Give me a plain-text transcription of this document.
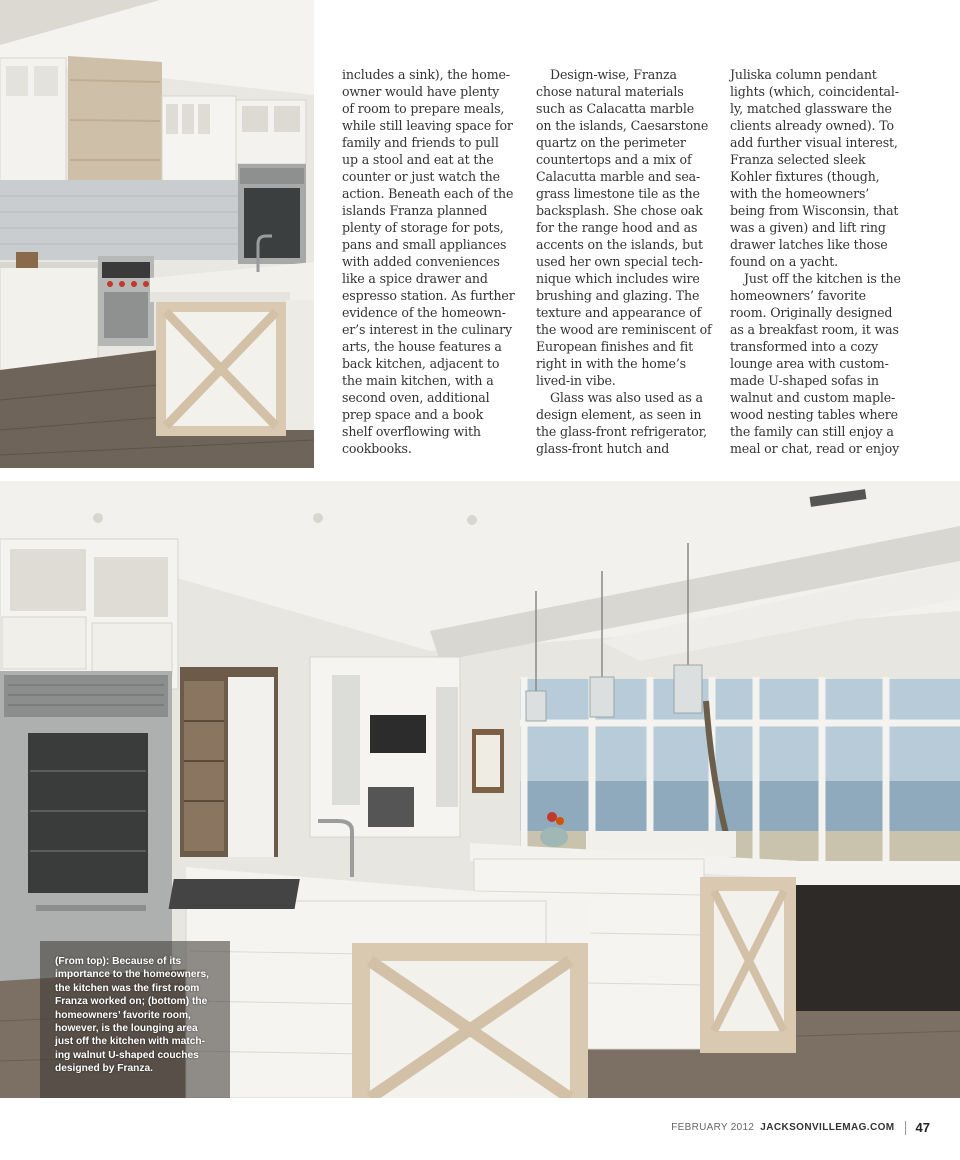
includes a sink), the home-
owner would have plenty
of room to prepare meals,
while still leaving space for
family and friends to pull
up a stool and eat at the
counter or just watch the
action. Beneath each of the
islands Franza planned
plenty of storage for pots,
pans and small appliances
with added conveniences
like a spice drawer and
espresso station. As further
evidence of the homeown-
er’s interest in the culinary
arts, the house features a
back kitchen, adjacent to
the main kitchen, with a
second oven, additional
prep space and a book
shelf overflowing with
cookbooks.

Design-wise, Franza
chose natural materials
such as Calacatta marble
on the islands, Caesarstone
quartz on the perimeter
countertops and a mix of
Calacutta marble and sea-
grass limestone tile as the
backsplash. She chose oak
for the range hood and as
accents on the islands, but
used her own special tech-
nique which includes wire
brushing and glazing. The
texture and appearance of
the wood are reminiscent of
European finishes and fit
right in with the home’s
lived-in vibe.

Glass was also used as a
design element, as seen in
the glass-front refrigerator,
glass-front hutch and

Juliska column pendant
lights (which, coincidental-
ly, matched glassware the
clients already owned). To
add further visual interest,
Franza selected sleek
Kohler fixtures (though,
with the homeowners’
being from Wisconsin, that
was a given) and lift ring
drawer latches like those
found on a yacht.

Just off the kitchen is the
homeowners’ favorite
room. Originally designed
as a breakfast room, it was
transformed into a cozy
lounge area with custom-
made U-shaped sofas in
walnut and custom maple-
wood nesting tables where
the family can still enjoy a
meal or chat, read or enjoy

(From top): Because of its
importance to the homeowners,
the kitchen was the first room
Franza worked on; (bottom) the
homeowners’ favorite room,
however, is the lounging area
just off the kitchen with match-
ing walnut U-shaped couches
designed by Franza.
FEBRUARY 2012 JACKSONVILLEMAG.COM 47
